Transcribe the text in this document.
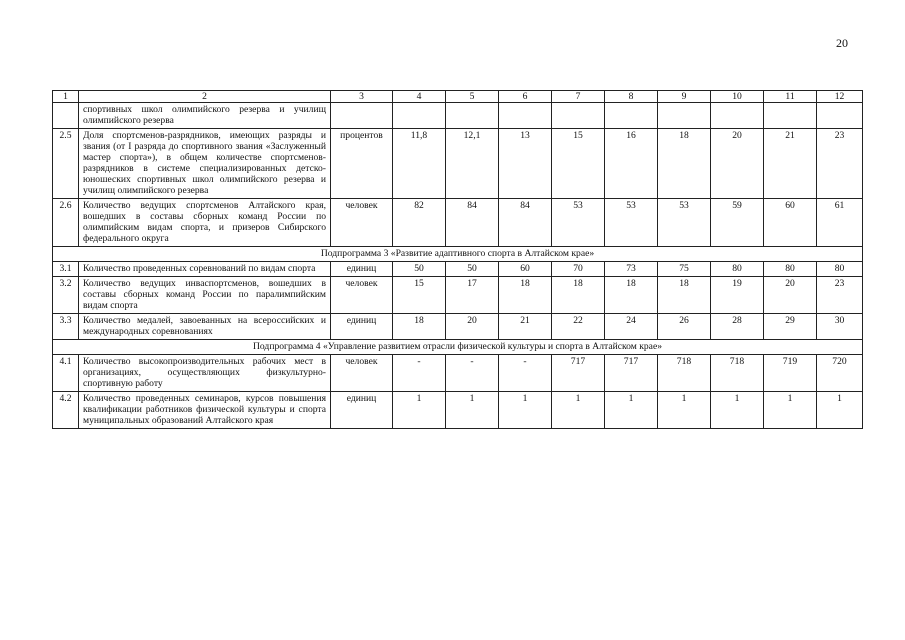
20
1	2	3	4	5	6	7	8	9	10	11	12
	спортивных школ олимпийского резерва и училищ олимпийского резерва										
2.5	Доля спортсменов-разрядников, имеющих разряды и звания (от I разряда до спортивного звания «Заслуженный мастер спорта»), в общем количестве спортсменов-разрядников в системе специализированных детско-юношеских спортивных школ олимпийского резерва и училищ олимпийского резерва	процентов	11,8	12,1	13	15	16	18	20	21	23
2.6	Количество ведущих спортсменов Алтайского края, вошедших в составы сборных команд России по олимпийским видам спорта, и призеров Сибирского федерального округа	человек	82	84	84	53	53	53	59	60	61
Подпрограмма 3 «Развитие адаптивного спорта в Алтайском крае»											
3.1	Количество проведенных соревнований по видам спорта	единиц	50	50	60	70	73	75	80	80	80
3.2	Количество ведущих инваспортсменов, вошедших в составы сборных команд России по паралимпийским видам спорта	человек	15	17	18	18	18	18	19	20	23
3.3	Количество медалей, завоеванных на всероссийских и международных соревнованиях	единиц	18	20	21	22	24	26	28	29	30
Подпрограмма 4 «Управление развитием отрасли физической культуры и спорта в Алтайском крае»											
4.1	Количество высокопроизводительных рабочих мест в организациях, осуществляющих физкультурно-спортивную работу	человек	-	-	-	717	717	718	718	719	720
4.2	Количество проведенных семинаров, курсов повышения квалификации работников физической культуры и спорта муниципальных образований Алтайского края	единиц	1	1	1	1	1	1	1	1	1
